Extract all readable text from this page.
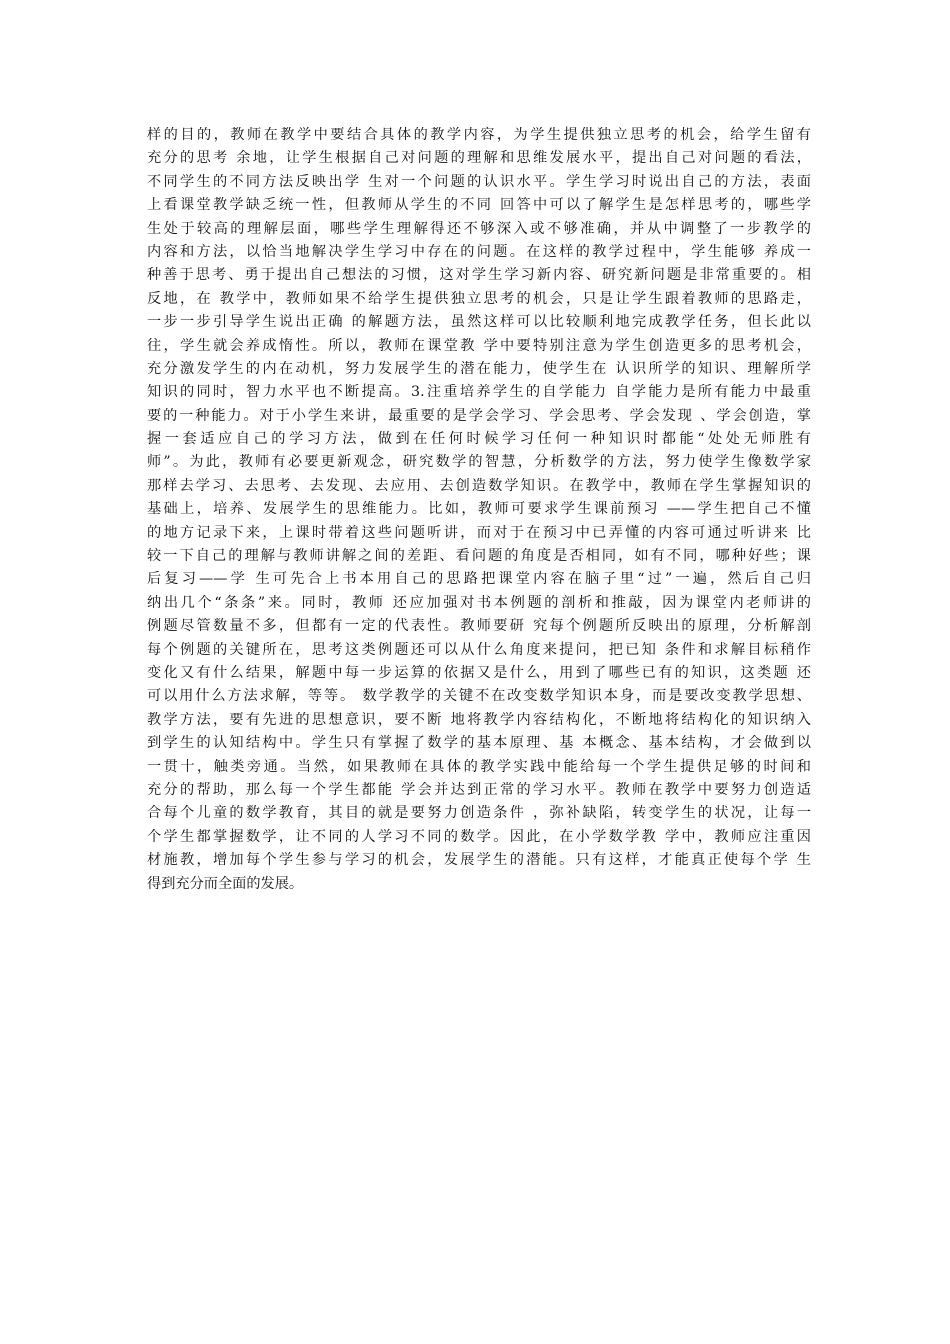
样的目的，教师在教学中要结合具体的教学内容，为学生提供独立思考的机会，给学生留有
充分的思考 余地，让学生根据自己对问题的理解和思维发展水平，提出自己对问题的看法，
不同学生的不同方法反映出学 生对一个问题的认识水平。学生学习时说出自己的方法，表面
上看课堂教学缺乏统一性，但教师从学生的不同 回答中可以了解学生是怎样思考的，哪些学
生处于较高的理解层面，哪些学生理解得还不够深入或不够准确，并从中调整了一步教学的
内容和方法，以恰当地解决学生学习中存在的问题。在这样的教学过程中，学生能够 养成一
种善于思考、勇于提出自己想法的习惯，这对学生学习新内容、研究新问题是非常重要的。相
反地，在 教学中，教师如果不给学生提供独立思考的机会，只是让学生跟着教师的思路走，
一步一步引导学生说出正确 的解题方法，虽然这样可以比较顺利地完成教学任务，但长此以
往，学生就会养成惰性。所以，教师在课堂教 学中要特别注意为学生创造更多的思考机会，
充分激发学生的内在动机，努力发展学生的潜在能力，使学生在 认识所学的知识、理解所学
知识的同时，智力水平也不断提高。3.注重培养学生的自学能力 自学能力是所有能力中最重
要的一种能力。对于小学生来讲，最重要的是学会学习、学会思考、学会发现 、学会创造，掌
握一套适应自己的学习方法，做到在任何时候学习任何一种知识时都能“处处无师胜有
师”。为此，教师有必要更新观念，研究数学的智慧，分析数学的方法，努力使学生像数学家
那样去学习、去思考、去发现、去应用、去创造数学知识。在教学中，教师在学生掌握知识的
基础上，培养、发展学生的思维能力。比如，教师可要求学生课前预习 ——学生把自己不懂
的地方记录下来，上课时带着这些问题听讲，而对于在预习中已弄懂的内容可通过听讲来 比
较一下自己的理解与教师讲解之间的差距、看问题的角度是否相同，如有不同，哪种好些；课
后复习——学 生可先合上书本用自己的思路把课堂内容在脑子里“过”一遍，然后自己归
纳出几个“条条”来。同时，教师 还应加强对书本例题的剖析和推敲，因为课堂内老师讲的
例题尽管数量不多，但都有一定的代表性。教师要研 究每个例题所反映出的原理，分析解剖
每个例题的关键所在，思考这类例题还可以从什么角度来提问，把已知 条件和求解目标稍作
变化又有什么结果，解题中每一步运算的依据又是什么，用到了哪些已有的知识，这类题 还
可以用什么方法求解，等等。 数学教学的关键不在改变数学知识本身，而是要改变教学思想、
教学方法，要有先进的思想意识，要不断 地将教学内容结构化，不断地将结构化的知识纳入
到学生的认知结构中。学生只有掌握了数学的基本原理、基 本概念、基本结构，才会做到以
一贯十，触类旁通。当然，如果教师在具体的教学实践中能给每一个学生提供足够的时间和
充分的帮助，那么每一个学生都能 学会并达到正常的学习水平。教师在教学中要努力创造适
合每个儿童的数学教育，其目的就是要努力创造条件 ，弥补缺陷，转变学生的状况，让每一
个学生都掌握数学，让不同的人学习不同的数学。因此，在小学数学教 学中，教师应注重因
材施教，增加每个学生参与学习的机会，发展学生的潜能。只有这样，才能真正使每个学 生
得到充分而全面的发展。
